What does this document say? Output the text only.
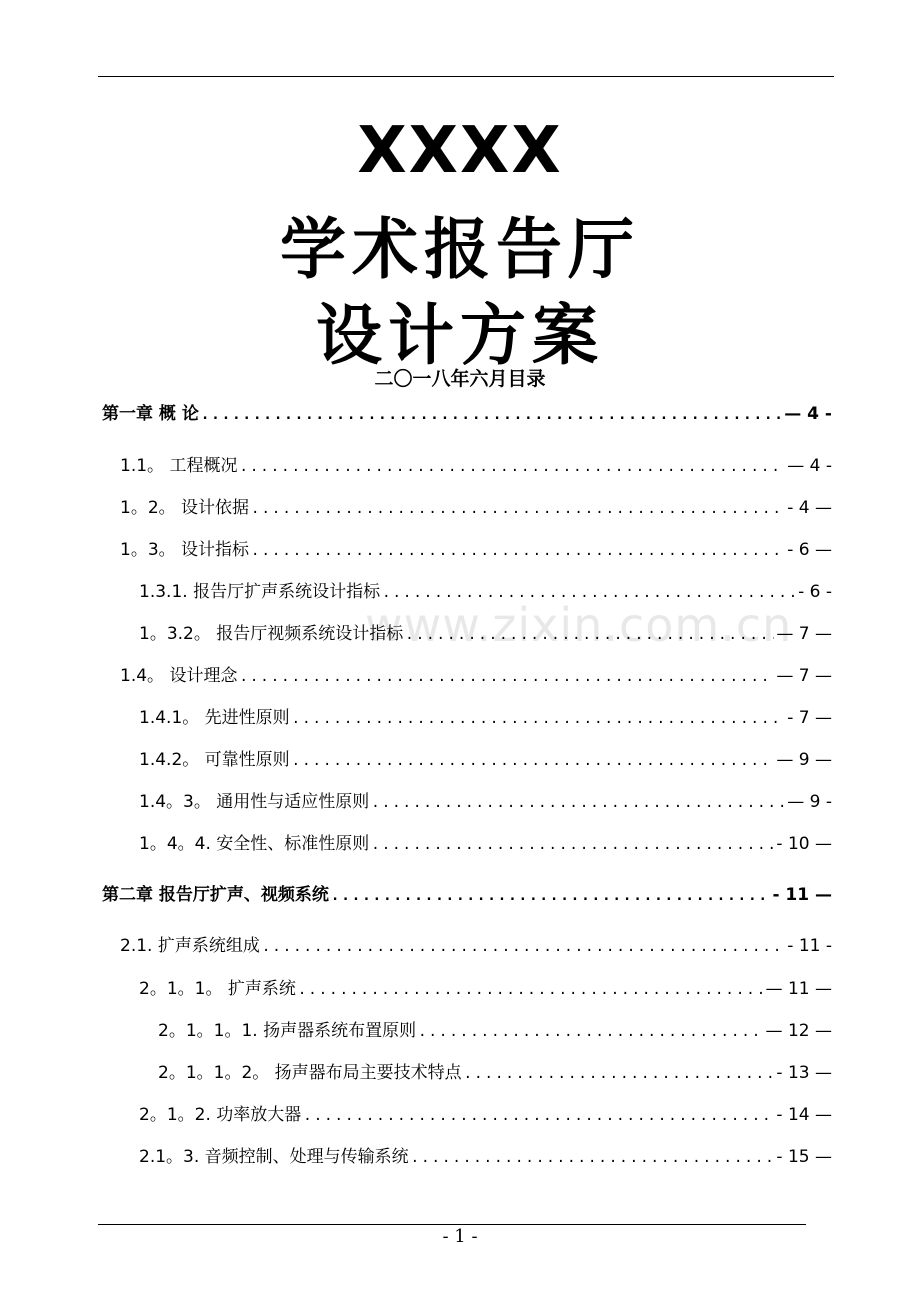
XXXX
学术报告厅
设计方案
二〇一八年六月目录
www.zixin.com.cn
第一章 概 论 .....	— 4 -
1.1。 工程概况 .....	— 4 -
1。2。 设计依据 .....	- 4 —
1。3。 设计指标 .....	- 6 —
1.3.1. 报告厅扩声系统设计指标 .....	- 6 -
1。3.2。 报告厅视频系统设计指标 .....	— 7 —
1.4。 设计理念 .....	— 7 —
1.4.1。 先进性原则 .....	- 7 —
1.4.2。 可靠性原则 .....	— 9 —
1.4。3。 通用性与适应性原则 .....	— 9 -
1。4。4. 安全性、标准性原则 .....	- 10 —
第二章 报告厅扩声、视频系统 .....	- 11 —
2.1. 扩声系统组成 .....	- 11 -
2。1。1。 扩声系统 .....	— 11 —
2。1。1。1. 扬声器系统布置原则 .....	— 12 —
2。1。1。2。 扬声器布局主要技术特点 .....	- 13 —
2。1。2. 功率放大器 .....	- 14 —
2.1。3. 音频控制、处理与传输系统 .....	- 15 —
- 1 -
